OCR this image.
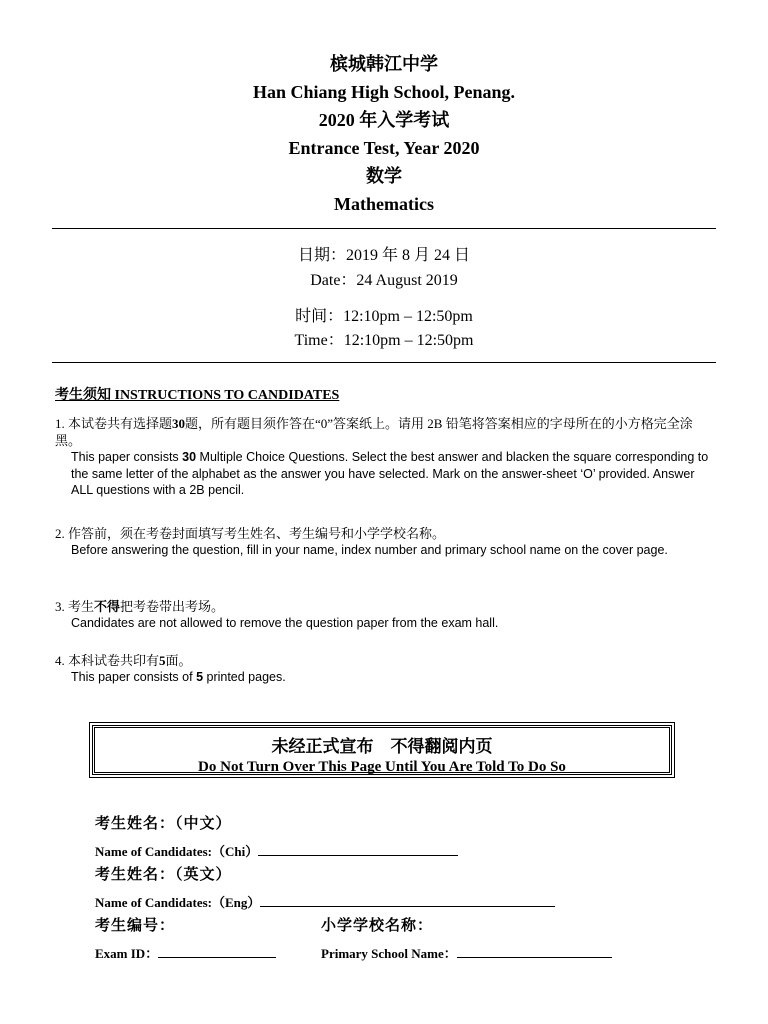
槟城韩江中学
Han Chiang High School, Penang.
2020 年入学考试
Entrance Test, Year 2020
数学
Mathematics
日期：2019 年 8 月 24 日
Date：24 August 2019
时间：12:10pm – 12:50pm
Time：12:10pm – 12:50pm
考生须知 INSTRUCTIONS TO CANDIDATES
1. 本试卷共有选择题30题，所有题目须作答在“0”答案纸上。请用 2B 铅笔将答案相应的字母所在的小方格完全涂黑。
This paper consists 30 Multiple Choice Questions. Select the best answer and blacken the square corresponding to the same letter of the alphabet as the answer you have selected. Mark on the answer-sheet ‘O’ provided. Answer ALL questions with a 2B pencil.
2. 作答前，须在考卷封面填写考生姓名、考生编号和小学学校名称。
Before answering the question, fill in your name, index number and primary school name on the cover page.
3. 考生不得把考卷带出考场。
Candidates are not allowed to remove the question paper from the exam hall.
4. 本科试卷共印有5面。
This paper consists of 5 printed pages.
未经正式宣布　不得翻阅内页
Do Not Turn Over This Page Until You Are Told To Do So
考生姓名：（中文）
Name of Candidates:（Chi）
考生姓名：（英文）
Name of Candidates:（Eng）
考生编号：
Exam ID：
小学学校名称：
Primary School Name：
